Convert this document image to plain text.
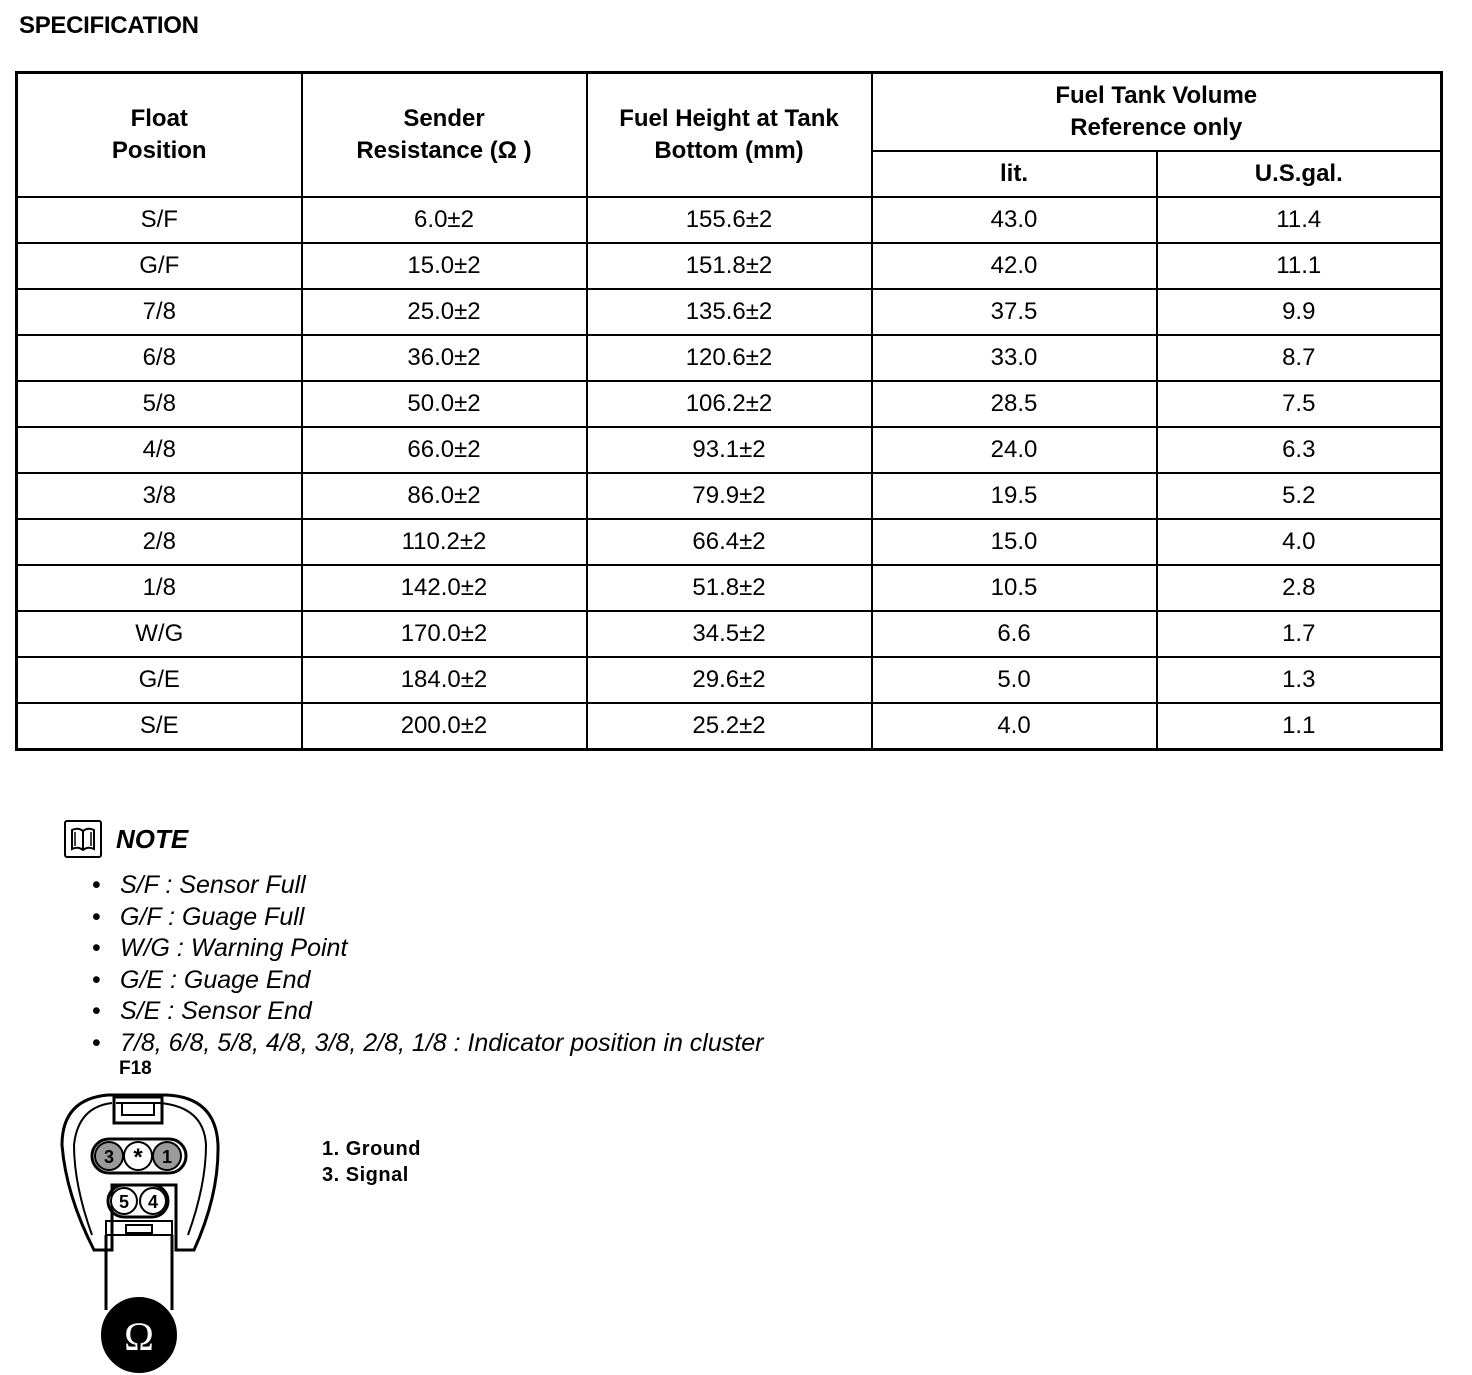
SPECIFICATION
Float Position	Sender Resistance (Ω )	Fuel Height at Tank Bottom (mm)	Fuel Tank Volume Reference only	

			lit.	U.S.gal.
S/F	6.0±2	155.6±2	43.0	11.4
G/F	15.0±2	151.8±2	42.0	11.1
7/8	25.0±2	135.6±2	37.5	9.9
6/8	36.0±2	120.6±2	33.0	8.7
5/8	50.0±2	106.2±2	28.5	7.5
4/8	66.0±2	93.1±2	24.0	6.3
3/8	86.0±2	79.9±2	19.5	5.2
2/8	110.2±2	66.4±2	15.0	4.0
1/8	142.0±2	51.8±2	10.5	2.8
W/G	170.0±2	34.5±2	6.6	1.7
G/E	184.0±2	29.6±2	5.0	1.3
S/E	200.0±2	25.2±2	4.0	1.1
NOTE
• S/F : Sensor Full
• G/F : Guage Full
• W/G : Warning Point
• G/E : Guage End
• S/E : Sensor End
• 7/8, 6/8, 5/8, 4/8, 3/8, 2/8, 1/8 : Indicator position in cluster
F18
3 * 1
5 4
Ω
1. Ground
3. Signal
